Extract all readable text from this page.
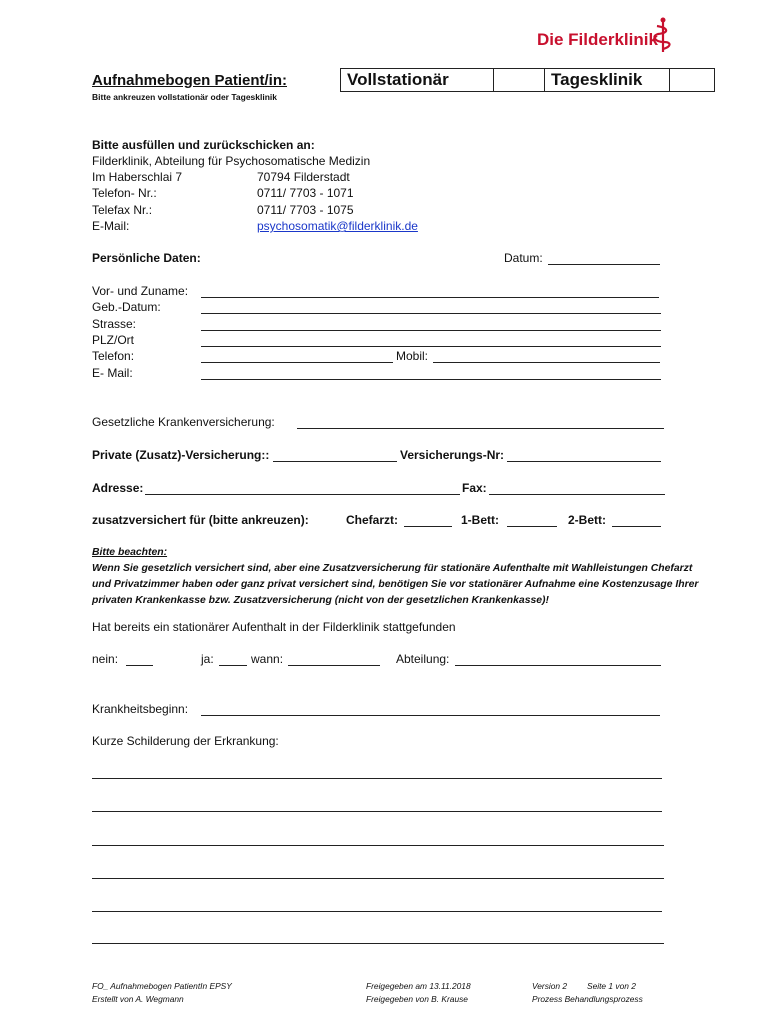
Die Filderklinik
Aufnahmebogen Patient/in:
Bitte ankreuzen vollstationär oder Tagesklinik
Vollstationär		Tagesklinik	
Bitte ausfüllen und zurückschicken an:
Filderklinik, Abteilung für Psychosomatische Medizin
Im Haberschlai 7	70794 Filderstadt
Telefon- Nr.:	0711/ 7703 - 1071
Telefax Nr.:	0711/ 7703 - 1075
E-Mail:	psychosomatik@filderklinik.de
Persönliche Daten:	Datum:
Vor- und Zuname:
Geb.-Datum:
Strasse:
PLZ/Ort
Telefon:	Mobil:
E- Mail:
Gesetzliche Krankenversicherung:
Private (Zusatz)-Versicherung::	Versicherungs-Nr:
Adresse:	Fax:
zusatzversichert für (bitte ankreuzen):	Chefarzt:	1-Bett:	2-Bett:
Bitte beachten:
Wenn Sie gesetzlich versichert sind, aber eine Zusatzversicherung für stationäre Aufenthalte mit Wahlleistungen Chefarzt und Privatzimmer haben oder ganz privat versichert sind, benötigen Sie vor stationärer Aufnahme eine Kostenzusage Ihrer privaten Krankenkasse bzw. Zusatzversicherung (nicht von der gesetzlichen Krankenkasse)!
Hat bereits ein stationärer Aufenthalt in der Filderklinik stattgefunden
nein:	ja:	wann:	Abteilung:
Krankheitsbeginn:
Kurze Schilderung der Erkrankung:
FO_ Aufnahmebogen PatientIn EPSY
Erstellt von A. Wegmann
Freigegeben am 13.11.2018
Freigegeben von B. Krause
Version 2 Seite 1 von 2
Prozess Behandlungsprozess
